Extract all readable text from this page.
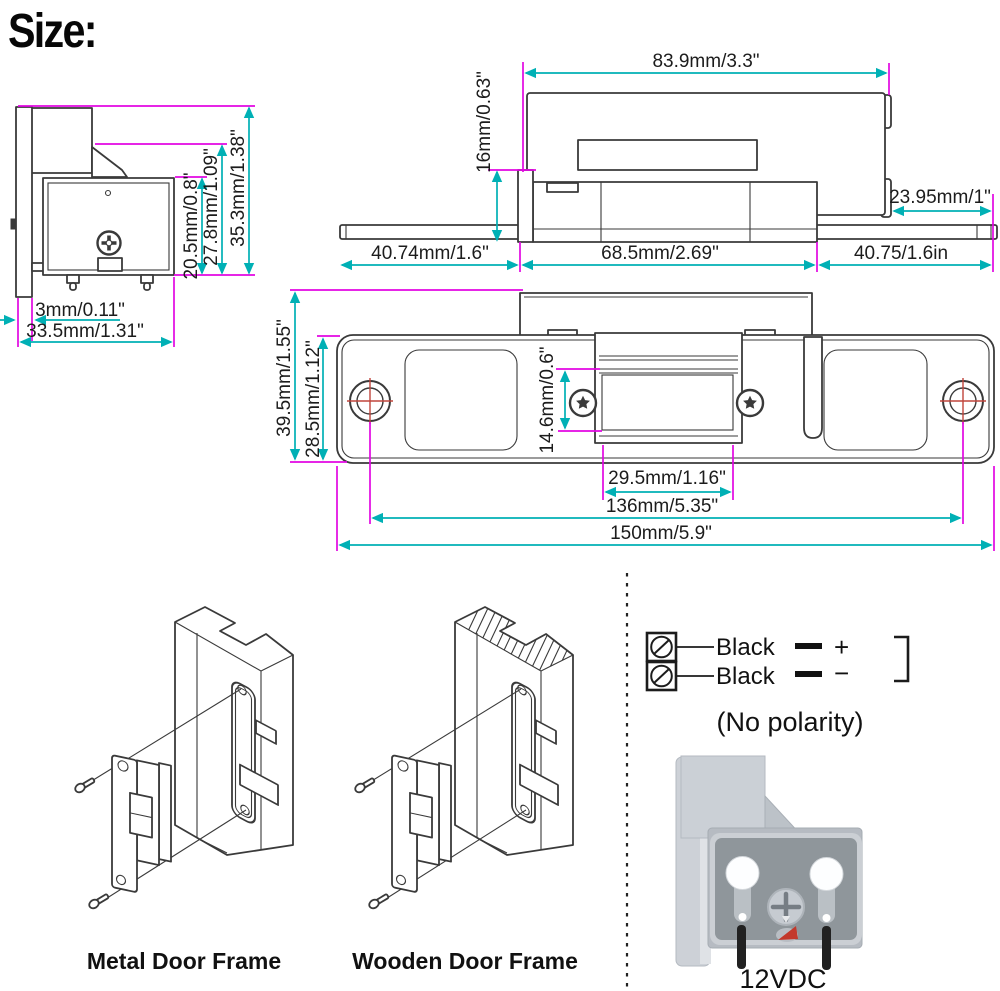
Size:
3mm/0.11"
33.5mm/1.31"
20.5mm/0.8" 27.8mm/1.09" 35.3mm/1.38"
83.9mm/3.3"
16mm/0.63"
23.95mm/1"
40.74mm/1.6"	68.5mm/2.69"	40.75/1.6in
39.5mm/1.55" 28.5mm/1.12"	14.6mm/0.6"
29.5mm/1.16"
136mm/5.35"
150mm/5.9"
Metal Door Frame	Wooden Door Frame
Black
Black
+
−
(No polarity)
12VDC
